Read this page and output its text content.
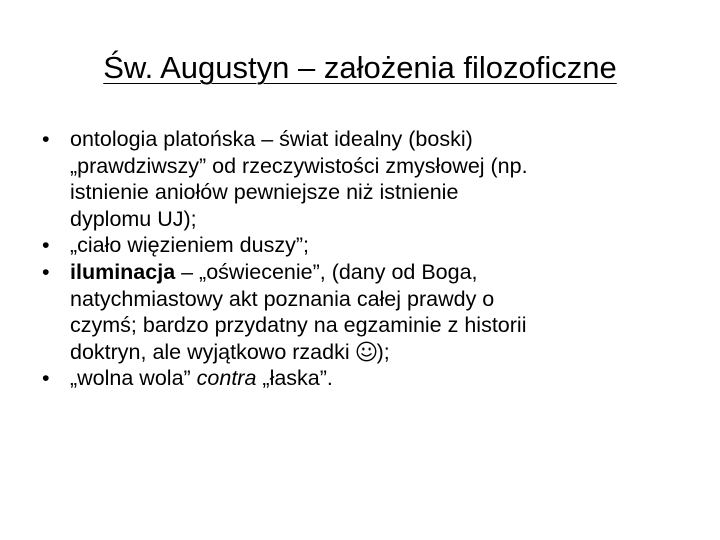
Św. Augustyn – założenia filozoficzne
• ontologia platońska – świat idealny (boski)
„prawdziwszy” od rzeczywistości zmysłowej (np.
istnienie aniołów pewniejsze niż istnienie
dyplomu UJ);
• „ciało więzieniem duszy”;
• iluminacja – „oświecenie”, (dany od Boga,
natychmiastowy akt poznania całej prawdy o
czymś; bardzo przydatny na egzaminie z historii
doktryn, ale wyjątkowo rzadki );
• „wolna wola” contra „łaska”.
